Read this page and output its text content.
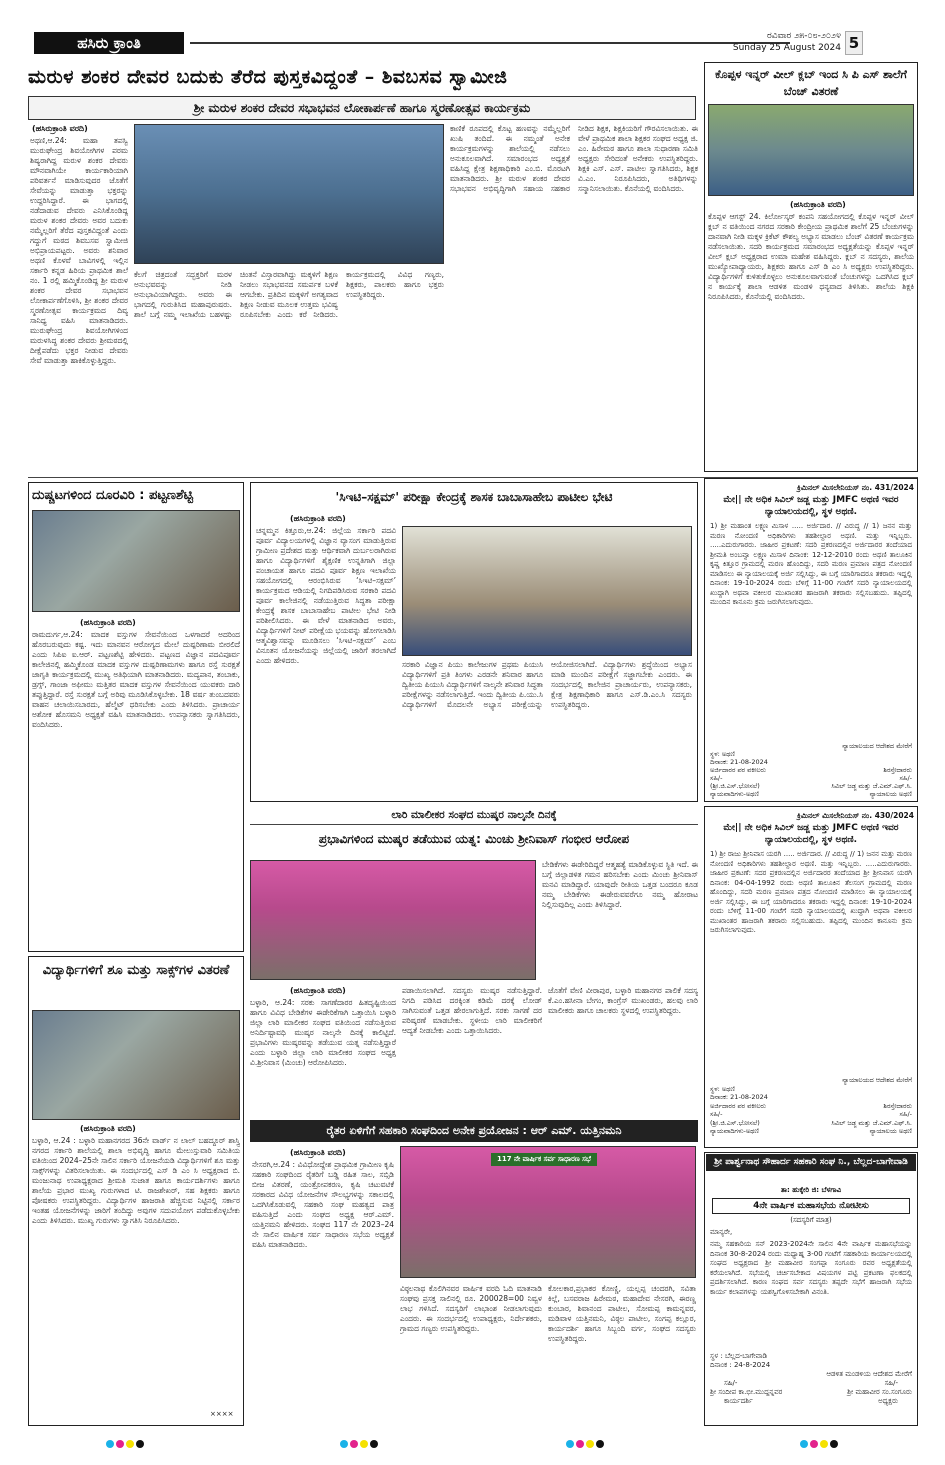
ಹಸಿರು ಕ್ರಾಂತಿ	ರವಿವಾರ ೨೫-೦೮-೨೦೨೪
Sunday 25 August 2024 5
ಮರುಳ ಶಂಕರ ದೇವರ ಬದುಕು ತೆರೆದ ಪುಸ್ತಕವಿದ್ದಂತೆ – ಶಿವಬಸವ ಸ್ವಾಮೀಜಿ
ಶ್ರೀ ಮರುಳ ಶಂಕರ ದೇವರ ಸಭಾಭವನ ಲೋಕಾರ್ಪಣೆ ಹಾಗೂ ಸ್ಮರಣೋತ್ಸವ ಕಾರ್ಯಕ್ರಮ
(ಹಸಿರುಕ್ರಾಂತಿ ವರದಿ)
ಅಥಣಿ,ಆ.24: ಮಹಾ ತಪಸ್ವಿ ಮುರುಘೇಂದ್ರ ಶಿವಯೋಗಿಗಳ ಪರಮ ಶಿಷ್ಯರಾಗಿದ್ದ ಮರುಳ ಶಂಕರ ದೇವರು ಮೌನವಾಗಿಯೇ ಕಾರ್ಯಕಾರಿಯಾಗಿ ಪರಿವರ್ತನೆ ಮಾಡಿಸುವುದರ ಜೊತೆಗೆ ಸೇವೆಯನ್ನು ಮಾಡುತ್ತಾ ಭಕ್ತರನ್ನು ಉದ್ದರಿಸಿದ್ದಾರೆ. ಈ ಭಾಗದಲ್ಲಿ ನಡೆದಾಡುವ ದೇವರು ಎನಿಸಿಕೊಂಡಿದ್ದ ಮರುಳ ಶಂಕರ ದೇವರು ಅವರ ಬದುಕು ನಮ್ಮೆಲ್ಲರಿಗೆ ತೆರೆದ ಪುಸ್ತಕವಿದ್ದಂತೆ ಎಂದು ಗದ್ದುಗೆ ಮಠದ ಶಿವಬಸವ ಸ್ವಾಮೀಜಿ ಅಭಿಪ್ರಾಯಪಟ್ಟರು. ಅವರು ಶನಿವಾರ ಅಥಣಿ ಕೊಳವೆ ಬಾವಿಗಳಲ್ಲಿ ಇಲ್ಲಿನ ಸರ್ಕಾರಿ ಕನ್ನಡ ಹಿರಿಯ ಪ್ರಾಥಮಿಕ ಶಾಲೆ ನಂ. 1 ರಲ್ಲಿ ಹಮ್ಮಿಕೊಂಡಿದ್ದ ಶ್ರೀ ಮರುಳ ಶಂಕರ ದೇವರ ಸಭಾಭವನ ಲೋಕಾರ್ಪಣೆಗೊಳಿಸಿ, ಶ್ರೀ ಶಂಕರ ದೇವರ ಸ್ಮರಣೋತ್ಸವ ಕಾರ್ಯಕ್ರಮದ ದಿವ್ಯ ಸಾನಿಧ್ಯ ವಹಿಸಿ ಮಾತನಾಡಿದರು. ಮುರುಘೇಂದ್ರ ಶಿವಯೋಗಿಗಳಿಂದ ಮರುಳಸಿದ್ಧ ಶಂಕರ ದೇವರು ಶ್ರೀಮಠದಲ್ಲಿ ದೀಕ್ಷೆಪಡೆದು ಭಕ್ತರ ನೀಡುವ ದೇವರು ಸೇವೆ ಮಾಡುತ್ತಾ ಹಾಕಿಕೊಳ್ಳುತ್ತಿದ್ದರು.
ಕೆಲಗೆ ಚಿತ್ರದಂತೆ ಸದ್ಭಕ್ತರಿಗೆ ಮರಳ ಅನುಭವವನ್ನು ನೀಡಿ ಅನುಭಾವಿಯಾಗಿದ್ದರು. ಅವರು ಈ ಭಾಗದಲ್ಲಿ ಗುರುತಿಸಿದ ಮಹಾಪುರುಷರು. ಶಾಲೆ ಬಗ್ಗೆ ನಮ್ಮ ಇಲಾಖೆಯ ಬಹಳಷ್ಟು ಚಿಂತನೆ ವಿಸ್ತಾರವಾಗಿದ್ದು ಮಕ್ಕಳಿಗೆ ಶಿಕ್ಷಣ ನೀಡಲು ಸಭಾಭವನದ ಸಮರ್ಪಕ ಬಳಕೆ ಆಗಬೇಕು. ಪ್ರತಿದಿನ ಮಕ್ಕಳಿಗೆ ಅಗತ್ಯವಾದ ಶಿಕ್ಷಣ ನೀಡುವ ಮೂಲಕ ಉತ್ತಮ ಭವಿಷ್ಯ ರೂಪಿಸಬೇಕು ಎಂದು ಕರೆ ನೀಡಿದರು. ಕಾರ್ಯಕ್ರಮದಲ್ಲಿ ವಿವಿಧ ಗಣ್ಯರು, ಶಿಕ್ಷಕರು, ಪಾಲಕರು ಹಾಗೂ ಭಕ್ತರು ಉಪಸ್ಥಿತರಿದ್ದರು.
ಕಾಣಿಕೆ ರೂಪದಲ್ಲಿ ಕೊಟ್ಟ ಹಣವನ್ನು ನಮ್ಮೆಲ್ಲರಿಗೆ ಖುಷಿ ತಂದಿದೆ. ಈ ನಮ್ಮಂತೆ ಅನೇಕ ಕಾರ್ಯಕ್ರಮಗಳನ್ನು ಶಾಲೆಯಲ್ಲಿ ನಡೆಸಲು ಅನುಕೂಲವಾಗಿದೆ. ಸಮಾರಂಭದ ಅಧ್ಯಕ್ಷತೆ ವಹಿಸಿದ್ದ ಕ್ಷೇತ್ರ ಶಿಕ್ಷಣಾಧಿಕಾರಿ ಎಂ.ಬಿ. ಮೊರಟಗಿ ಮಾತನಾಡಿದರು. ಶ್ರೀ ಮರುಳ ಶಂಕರ ದೇವರ ಸಭಾಭವನ ಅಭಿವೃದ್ಧಿಗಾಗಿ ಸಹಾಯ ಸಹಕಾರ ನೀಡಿದ ಶಿಕ್ಷಕ, ಶಿಕ್ಷಕಿಯರಿಗೆ ಗೌರವಿಸಲಾಯಿತು. ಈ ವೇಳೆ ಪ್ರಾಥಮಿಕ ಶಾಲಾ ಶಿಕ್ಷಕರ ಸಂಘದ ಅಧ್ಯಕ್ಷ ಜಿ. ಎಂ. ಹಿರೇಮಠ ಹಾಗೂ ಶಾಲಾ ಸುಧಾರಣಾ ಸಮಿತಿ ಅಧ್ಯಕ್ಷರು ಸೇರಿದಂತೆ ಅನೇಕರು ಉಪಸ್ಥಿತರಿದ್ದರು. ಶಿಕ್ಷಕಿ ಎಸ್. ಎಸ್. ಪಾಟೀಲ ಸ್ವಾಗತಿಸಿದರು, ಶಿಕ್ಷಕ ವಿ.ಎಂ. ನಿರೂಪಿಸಿದರು, ಅತಿಥಿಗಳನ್ನು ಸನ್ಮಾನಿಸಲಾಯಿತು. ಕೊನೆಯಲ್ಲಿ ವಂದಿಸಿದರು.
ಕೊಪ್ಪಳ ಇನ್ನರ್ ವೀಲ್ ಕ್ಲಬ್ ಇಂದ ಸಿ ಪಿ ಎಸ್ ಶಾಲೆಗೆ ಬೆಂಚ್ ವಿತರಣೆ
(ಹಸಿರುಕ್ರಾಂತಿ ವರದಿ)
ಕೊಪ್ಪಳ ಆಗಸ್ಟ್ 24. ಕಿರ್ಲೋಸ್ಕರ್ ಕಂಪನಿ ಸಹಯೋಗದಲ್ಲಿ ಕೊಪ್ಪಳ ಇನ್ನರ್ ವೀಲ್ ಕ್ಲಬ್ ನ ವತಿಯಿಂದ ನಗರದ ಸರಕಾರಿ ಕೇಂದ್ರೀಯ ಪ್ರಾಥಮಿಕ ಶಾಲೆಗೆ 25 ಬೆಂಚುಗಳನ್ನು ದಾನವಾಗಿ ನೀಡಿ ಮಕ್ಕಳ ಕ್ರಿಕೆಟ್ ಕೌಶಲ್ಯ ಅಭ್ಯಾಸ ಮಾಡಲು ಬೆಂಚ್ ವಿತರಣೆ ಕಾರ್ಯಕ್ರಮ ನಡೆಸಲಾಯಿತು. ಸದರಿ ಕಾರ್ಯಕ್ರಮದ ಸಮಾರಂಭದ ಅಧ್ಯಕ್ಷತೆಯನ್ನು ಕೊಪ್ಪಳ ಇನ್ನರ್ ವೀಲ್ ಕ್ಲಬ್ ಅಧ್ಯಕ್ಷರಾದ ಉಮಾ ಮಹೇಶ ವಹಿಸಿದ್ದರು. ಕ್ಲಬ್ ನ ಸದಸ್ಯರು, ಶಾಲೆಯ ಮುಖ್ಯೋಪಾಧ್ಯಾಯರು, ಶಿಕ್ಷಕರು ಹಾಗೂ ಎಸ್ ಡಿ ಎಂ ಸಿ ಅಧ್ಯಕ್ಷರು ಉಪಸ್ಥಿತರಿದ್ದರು. ವಿದ್ಯಾರ್ಥಿಗಳಿಗೆ ಕುಳಿತುಕೊಳ್ಳಲು ಅನುಕೂಲವಾಗುವಂತೆ ಬೆಂಚುಗಳನ್ನು ಒದಗಿಸಿದ ಕ್ಲಬ್ ನ ಕಾರ್ಯಕ್ಕೆ ಶಾಲಾ ಆಡಳಿತ ಮಂಡಳಿ ಧನ್ಯವಾದ ತಿಳಿಸಿತು. ಶಾಲೆಯ ಶಿಕ್ಷಕಿ ನಿರೂಪಿಸಿದರು, ಕೊನೆಯಲ್ಲಿ ವಂದಿಸಿದರು.
ದುಷ್ಚಟಗಳಿಂದ ದೂರವಿರಿ : ಪಟ್ಟಣಶೆಟ್ಟಿ
(ಹಸಿರುಕ್ರಾಂತಿ ವರದಿ)
ರಾಮದುರ್ಗ,ಆ.24: ಮಾದಕ ವಸ್ತುಗಳ ಸೇವನೆಯಿಂದ ಒಳಗಾದರೆ ಅದರಿಂದ ಹೊರಬರುವುದು ಕಷ್ಟ. ಇದು ಮಾನವನ ಆರೋಗ್ಯದ ಮೇಲೆ ದುಷ್ಪರಿಣಾಮ ಬೀರಲಿದೆ ಎಂದು ಸಿಪಿಐ ಐ.ಆರ್. ಪಟ್ಟಣಶೆಟ್ಟಿ ಹೇಳಿದರು. ಪಟ್ಟಣದ ವಿಜ್ಞಾನ ಪದವಿಪೂರ್ವ ಕಾಲೇಜಿನಲ್ಲಿ ಹಮ್ಮಿಕೊಂಡ ಮಾದಕ ವಸ್ತುಗಳ ದುಷ್ಪರಿಣಾಮಗಳು ಹಾಗೂ ರಸ್ತೆ ಸುರಕ್ಷತೆ ಜಾಗೃತಿ ಕಾರ್ಯಕ್ರಮದಲ್ಲಿ ಮುಖ್ಯ ಅತಿಥಿಯಾಗಿ ಮಾತನಾಡಿದರು. ಮದ್ಯಪಾನ, ತಂಬಾಕು, ಡ್ರಗ್ಸ್, ಗಾಂಜಾ ಅಫೀಮು ಮತ್ತಿತರ ಮಾದಕ ವಸ್ತುಗಳ ಸೇವನೆಯಿಂದ ಯುವಕರು ದಾರಿ ತಪ್ಪುತ್ತಿದ್ದಾರೆ. ರಸ್ತೆ ಸುರಕ್ಷತೆ ಬಗ್ಗೆ ಅರಿವು ಮೂಡಿಸಿಕೊಳ್ಳಬೇಕು. 18 ವರ್ಷ ತುಂಬದವರು ವಾಹನ ಚಲಾಯಿಸಬಾರದು, ಹೆಲ್ಮೆಟ್ ಧರಿಸಬೇಕು ಎಂದು ತಿಳಿಸಿದರು. ಪ್ರಾಚಾರ್ಯ ಅಶೋಕ ಹೊಸಮನಿ ಅಧ್ಯಕ್ಷತೆ ವಹಿಸಿ ಮಾತನಾಡಿದರು. ಉಪನ್ಯಾಸಕರು ಸ್ವಾಗತಿಸಿದರು, ವಂದಿಸಿದರು.
'ಸಿಇಟಿ–ಸಕ್ಷಮ್' ಪರೀಕ್ಷಾ ಕೇಂದ್ರಕ್ಕೆ ಶಾಸಕ ಬಾಬಾಸಾಹೇಬ ಪಾಟೀಲ ಭೇಟಿ
(ಹಸಿರುಕ್ರಾಂತಿ ವರದಿ)
ಚನ್ನಮ್ಮನ ಕಿತ್ತೂರು,ಆ.24: ಜಿಲ್ಲೆಯ ಸರ್ಕಾರಿ ಪದವಿ ಪೂರ್ವ ವಿದ್ಯಾಲಯಗಳಲ್ಲಿ ವಿಜ್ಞಾನ ವ್ಯಾಸಂಗ ಮಾಡುತ್ತಿರುವ ಗ್ರಾಮೀಣ ಪ್ರದೇಶದ ಮತ್ತು ಆರ್ಥಿಕವಾಗಿ ದುರ್ಬಲರಾಗಿರುವ ಹಾಗೂ ವಿದ್ಯಾರ್ಥಿಗಳಿಗೆ ಶೈಕ್ಷಣಿಕ ಉನ್ನತಿಗಾಗಿ ಜಿಲ್ಲಾ ಪಂಚಾಯತ ಹಾಗೂ ಪದವಿ ಪೂರ್ವ ಶಿಕ್ಷಣ ಇಲಾಖೆಯ ಸಹಯೋಗದಲ್ಲಿ ಆರಂಭಿಸಿರುವ ‘ಸಿಇಟಿ–ಸಕ್ಷಮ್’ ಕಾರ್ಯಕ್ರಮದ ಆಡಿಯಲ್ಲಿ ನಿಗದಿಪಡಿಸಿರುವ ಸರಕಾರಿ ಪದವಿ ಪೂರ್ವ ಕಾಲೇಜಿನಲ್ಲಿ ನಡೆಯುತ್ತಿರುವ ಸಿದ್ಧತಾ ಪರೀಕ್ಷಾ ಕೇಂದ್ರಕ್ಕೆ ಶಾಸಕ ಬಾಬಾಸಾಹೇಬ ಪಾಟೀಲ ಭೇಟಿ ನೀಡಿ ಪರಿಶೀಲಿಸಿದರು. ಈ ವೇಳೆ ಮಾತನಾಡಿದ ಅವರು, ವಿದ್ಯಾರ್ಥಿಗಳಿಗೆ ನೀಟ್ ಪರೀಕ್ಷೆಯ ಭಯವನ್ನು ಹೋಗಲಾಡಿಸಿ ಆತ್ಮವಿಶ್ವಾಸವನ್ನು ಮೂಡಿಸಲು ‘ಸಿಇಟಿ–ಸಕ್ಷಮ್’ ಎಂಬ ವಿನೂತನ ಯೋಜನೆಯನ್ನು ಜಿಲ್ಲೆಯಲ್ಲಿ ಜಾರಿಗೆ ತರಲಾಗಿದೆ ಎಂದು ಹೇಳಿದರು.	ಸರಕಾರಿ ವಿಜ್ಞಾನ ಪಿಯು ಕಾಲೇಜುಗಳ ಪ್ರಥಮ ಪಿಯುಸಿ ವಿದ್ಯಾರ್ಥಿಗಳಿಗೆ ಪ್ರತಿ ತಿಂಗಳು ಎರಡನೇ ಶನಿವಾರ ಹಾಗೂ ದ್ವಿತೀಯ ಪಿಯುಸಿ ವಿದ್ಯಾರ್ಥಿಗಳಿಗೆ ನಾಲ್ಕನೇ ಶನಿವಾರ ಸಿದ್ಧತಾ ಪರೀಕ್ಷೆಗಳನ್ನು ನಡೆಸಲಾಗುತ್ತಿದೆ. ಇಂದು ದ್ವಿತೀಯ ಪಿ.ಯು.ಸಿ ವಿದ್ಯಾರ್ಥಿಗಳಿಗೆ ಮೊದಲನೇ ಅಭ್ಯಾಸ ಪರೀಕ್ಷೆಯನ್ನು ಆಯೋಜಿಸಲಾಗಿದೆ. ವಿದ್ಯಾರ್ಥಿಗಳು ಶ್ರದ್ಧೆಯಿಂದ ಅಭ್ಯಾಸ ಮಾಡಿ ಮುಂದಿನ ಪರೀಕ್ಷೆಗೆ ಸಜ್ಜಾಗಬೇಕು ಎಂದರು. ಈ ಸಂದರ್ಭದಲ್ಲಿ ಕಾಲೇಜಿನ ಪ್ರಾಚಾರ್ಯರು, ಉಪನ್ಯಾಸಕರು, ಕ್ಷೇತ್ರ ಶಿಕ್ಷಣಾಧಿಕಾರಿ ಹಾಗೂ ಎಸ್.ಡಿ.ಎಂ.ಸಿ ಸದಸ್ಯರು ಉಪಸ್ಥಿತರಿದ್ದರು.
ಲಾರಿ ಮಾಲೀಕರ ಸಂಘದ ಮುಷ್ಕರ ನಾಲ್ಕನೇ ದಿನಕ್ಕೆ
ಪ್ರಭಾವಿಗಳಿಂದ ಮುಷ್ಕರ ತಡೆಯುವ ಯತ್ನ: ಮಿಂಚು ಶ್ರೀನಿವಾಸ್ ಗಂಭೀರ ಆರೋಪ
ಬೇಡಿಕೆಗಳು ಈಡೇರಿದಿದ್ದರೆ ಆತ್ಮಹತ್ಯೆ ಮಾಡಿಕೊಳ್ಳುವ ಸ್ಥಿತಿ ಇದೆ. ಈ ಬಗ್ಗೆ ಜಿಲ್ಲಾಡಳಿತ ಗಮನ ಹರಿಸಬೇಕು ಎಂದು ಮಿಂಚು ಶ್ರೀನಿವಾಸ್ ಮನವಿ ಮಾಡಿದ್ದಾರೆ. ಯಾವುದೇ ರೀತಿಯ ಒತ್ತಡ ಬಂದರೂ ಕೂಡ ನಮ್ಮ ಬೇಡಿಕೆಗಳು ಈಡೇರುವವರೆಗೂ ನಮ್ಮ ಹೋರಾಟ ನಿಲ್ಲಿಸುವುದಿಲ್ಲ ಎಂದು ತಿಳಿಸಿದ್ದಾರೆ.
(ಹಸಿರುಕ್ರಾಂತಿ ವರದಿ)
ಬಳ್ಳಾರಿ, ಆ.24: ಸರಕು ಸಾಗಣೆದಾರರ ಹಿತದೃಷ್ಟಿಯಿಂದ ಹಾಗೂ ವಿವಿಧ ಬೇಡಿಕೆಗಳ ಈಡೇರಿಕೆಗಾಗಿ ಒತ್ತಾಯಿಸಿ ಬಳ್ಳಾರಿ ಜಿಲ್ಲಾ ಲಾರಿ ಮಾಲೀಕರ ಸಂಘದ ವತಿಯಿಂದ ನಡೆಸುತ್ತಿರುವ ಅನಿರ್ದಿಷ್ಟಾವಧಿ ಮುಷ್ಕರ ನಾಲ್ಕನೇ ದಿನಕ್ಕೆ ಕಾಲಿಟ್ಟಿದೆ. ಪ್ರಭಾವಿಗಳು ಮುಷ್ಕರವನ್ನು ತಡೆಯುವ ಯತ್ನ ನಡೆಸುತ್ತಿದ್ದಾರೆ ಎಂದು ಬಳ್ಳಾರಿ ಜಿಲ್ಲಾ ಲಾರಿ ಮಾಲೀಕರ ಸಂಘದ ಅಧ್ಯಕ್ಷ ವಿ.ಶ್ರೀನಿವಾಸ (ಮಿಂಚು) ಆರೋಪಿಸಿದರು.
ಪಡಾಯಿಸಲಾಗಿದೆ. ಸದಸ್ಯರು ಮುಷ್ಕರ ನಡೆಸುತ್ತಿದ್ದಾರೆ. ನಿಗದಿ ಪಡಿಸಿದ ದರಕ್ಕಿಂತ ಕಡಿಮೆ ದರಕ್ಕೆ ಲೋಡ್ ಸಾಗಿಸುವಂತೆ ಒತ್ತಡ ಹೇರಲಾಗುತ್ತಿದೆ. ಸರಕು ಸಾಗಣೆ ದರ ಪರಿಷ್ಕರಣೆ ಮಾಡಬೇಕು. ಸ್ಥಳೀಯ ಲಾರಿ ಮಾಲೀಕರಿಗೆ ಆದ್ಯತೆ ನೀಡಬೇಕು ಎಂದು ಒತ್ತಾಯಿಸಿದರು.
ಜೊತೆಗೆ ವೇಣಿ ವೀರಾಪುರ, ಬಳ್ಳಾರಿ ಮಹಾನಗರ ಪಾಲಿಕೆ ಸದಸ್ಯ ಕೆ.ಎಂ.ಹಸೀನಾ ಬೇಗಂ, ಕಾಂಗ್ರೆಸ್ ಮುಖಂಡರು, ಹಲವು ಲಾರಿ ಮಾಲೀಕರು ಹಾಗೂ ಚಾಲಕರು ಸ್ಥಳದಲ್ಲಿ ಉಪಸ್ಥಿತರಿದ್ದರು.
ವಿದ್ಯಾರ್ಥಿಗಳಿಗೆ ಶೂ ಮತ್ತು ಸಾಕ್ಸ್‌ಗಳ ವಿತರಣೆ
(ಹಸಿರುಕ್ರಾಂತಿ ವರದಿ)
ಬಳ್ಳಾರಿ, ಆ.24 : ಬಳ್ಳಾರಿ ಮಹಾನಗರದ 36ನೇ ವಾರ್ಡ್ ನ ಲಾಲ್ ಬಹದ್ದೂರ್ ಶಾಸ್ತ್ರಿ ನಗರದ ಸರ್ಕಾರಿ ಶಾಲೆಯಲ್ಲಿ ಶಾಲಾ ಅಭಿವೃದ್ಧಿ ಹಾಗೂ ಮೇಲುಸ್ತುವಾರಿ ಸಮಿತಿಯ ವತಿಯಿಂದ 2024–25ನೇ ಸಾಲಿನ ಸರ್ಕಾರಿ ಯೋಜನೆಯಡಿ ವಿದ್ಯಾರ್ಥಿಗಳಿಗೆ ಶೂ ಮತ್ತು ಸಾಕ್ಸ್‌ಗಳನ್ನು ವಿತರಿಸಲಾಯಿತು. ಈ ಸಂದರ್ಭದಲ್ಲಿ ಎಸ್ ಡಿ ಎಂ ಸಿ ಅಧ್ಯಕ್ಷರಾದ ಬಿ. ಮಂಜುನಾಥ ಉಪಾಧ್ಯಕ್ಷರಾದ ಶ್ರೀಮತಿ ಸುಜಾತ ಹಾಗೂ ಕಾರ್ಯದರ್ಶಿಗಳು ಹಾಗೂ ಶಾಲೆಯ ಪ್ರಭಾರ ಮುಖ್ಯ ಗುರುಗಳಾದ ಟಿ. ರಾಜಶೇಖರ್, ಸಹ ಶಿಕ್ಷಕರು ಹಾಗೂ ಪೋಷಕರು ಉಪಸ್ಥಿತರಿದ್ದರು. ವಿದ್ಯಾರ್ಥಿಗಳ ಹಾಜರಾತಿ ಹೆಚ್ಚಿಸುವ ನಿಟ್ಟಿನಲ್ಲಿ ಸರ್ಕಾರ ಇಂತಹ ಯೋಜನೆಗಳನ್ನು ಜಾರಿಗೆ ತಂದಿದ್ದು ಅವುಗಳ ಸದುಪಯೋಗ ಪಡೆದುಕೊಳ್ಳಬೇಕು ಎಂದು ತಿಳಿಸಿದರು. ಮುಖ್ಯ ಗುರುಗಳು ಸ್ವಾಗತಿಸಿ ನಿರೂಪಿಸಿದರು.
××××
ರೈತರ ಏಳಿಗೆಗೆ ಸಹಕಾರಿ ಸಂಘದಿಂದ ಅನೇಕ ಪ್ರಯೋಜನ : ಆರ್ ಎಮ್. ಯತ್ತಿನಮನಿ
(ಹಸಿರುಕ್ರಾಂತಿ ವರದಿ)
ನೇಸರಗಿ,ಆ.24 : ವಿವಿಧೋದ್ದೇಶ ಪ್ರಾಥಮಿಕ ಗ್ರಾಮೀಣ ಕೃಷಿ ಸಹಕಾರಿ ಸಂಘದಿಂದ ರೈತರಿಗೆ ಬಡ್ಡಿ ರಹಿತ ಸಾಲ, ಸಬ್ಸಿಡಿ ಬೀಜ ವಿತರಣೆ, ಯಂತ್ರೋಪಕರಣ, ಕೃಷಿ ಚಟುವಟಿಕೆ ಸರಕಾರದ ವಿವಿಧ ಯೋಜನೆಗಳ ಸೌಲಭ್ಯಗಳನ್ನು ಸಕಾಲದಲ್ಲಿ ಒದಗಿಸಿಕೊಡುವಲ್ಲಿ ಸಹಕಾರಿ ಸಂಘ ಮಹತ್ವದ ಪಾತ್ರ ವಹಿಸುತ್ತಿದೆ ಎಂದು ಸಂಘದ ಅಧ್ಯಕ್ಷ ಆರ್.ಎಮ್. ಯತ್ತಿನಮನಿ ಹೇಳಿದರು. ಸಂಘದ 117 ನೇ 2023–24 ನೇ ಸಾಲಿನ ವಾರ್ಷಿಕ ಸರ್ವ ಸಾಧಾರಣ ಸಭೆಯ ಅಧ್ಯಕ್ಷತೆ ವಹಿಸಿ ಮಾತನಾಡಿದರು.
117 ನೇ ವಾರ್ಷಿಕ ಸರ್ವ ಸಾಧಾರಣ ಸಭೆ
ವಿಠ್ಠಲನಾಥ ಕೊಲಿಗಿನವರ ವಾರ್ಷಿಕ ವರದಿ ಓದಿ ಮಾತನಾಡಿ ಸಂಘವು ಪ್ರಸಕ್ತ ಸಾಲಿನಲ್ಲಿ ರೂ. 200028=00 ನಿವ್ವಳ ಲಾಭ ಗಳಿಸಿದೆ. ಸದಸ್ಯರಿಗೆ ಲಾಭಾಂಶ ನೀಡಲಾಗುವುದು ಎಂದರು. ಈ ಸಂದರ್ಭದಲ್ಲಿ ಉಪಾಧ್ಯಕ್ಷರು, ನಿರ್ದೇಶಕರು, ಗ್ರಾಮದ ಗಣ್ಯರು ಉಪಸ್ಥಿತರಿದ್ದರು.
ಕೋಲಕಾರ,ಪ್ರಭಾಕರ ಕೋಣ್ಣಿ, ಯಲ್ಲಪ್ಪ ಚಂದರಗಿ, ಸವಿತಾ ಕಿಲ್ಲೆ, ಬಸವರಾಜ ಹಿರೇಮಠ, ಮಹಾದೇವ ನೇಸರಗಿ, ಈರಣ್ಣ ಕುಂಬಾರ, ಶಿವಾನಂದ ಪಾಟೀಲ, ಸೋಮಪ್ಪ ಕಾಮನ್ನವರ, ಮಡಿವಾಳ ಯತ್ತಿನಮನಿ, ವಿಠ್ಠಲ ಪಾಟೀಲ, ಸಂಗಪ್ಪ ಕಲ್ಲೂರ, ಕಾರ್ಯದರ್ಶಿ ಹಾಗೂ ಸಿಬ್ಬಂದಿ ವರ್ಗ, ಸಂಘದ ಸದಸ್ಯರು ಉಪಸ್ಥಿತರಿದ್ದರು.
ಕ್ರಿಮಿನಲ್ ಮಿಸಲೇನಿಯಸ್ ನಂ. 431/2024
ಮೇ|| ನೇ ಅಧಿಕ ಸಿವಿಲ್ ಜಡ್ಜ ಮತ್ತು JMFC ಅಥಣಿ ಇವರ ನ್ಯಾಯಾಲಯದಲ್ಲಿ, ಸ್ಥಳ ಅಥಣಿ.
1) ಶ್ರೀ ಮಹಾಂತ ಲಕ್ಷ್ಮಣ ಮಿಸಾಳ ..... ಅರ್ಜಿದಾರ. // ವಿರುದ್ಧ // 1) ಜನನ ಮತ್ತು ಮರಣ ನೋಂದಣಿ ಅಧಿಕಾರಿಗಳು ತಹಶೀಲ್ದಾರ ಅಥಣಿ. ಮತ್ತು ಇನ್ನಿಬ್ಬರು. .....ಎದುರುಗಾರರು. ಜಾಹೀರ ಪ್ರಕಟಣೆ: ಸದರಿ ಪ್ರಕರಣದಲ್ಲಿನ ಅರ್ಜಿದಾರರ ತಂದೆಯಾದ ಶ್ರೀಮತಿ ಅಂಬವ್ವಾ ಲಕ್ಷ್ಮಣ ಮಿಸಾಳ ದಿನಾಂಕ: 12-12-2010 ರಂದು ಅಥಣಿ ತಾಲೂಕಿನ ಕೃಷ್ಣ ಕಿತ್ತೂರ ಗ್ರಾಮದಲ್ಲಿ ಮರಣ ಹೊಂದಿದ್ದು, ಸದರಿ ಮರಣ ಪ್ರಮಾಣ ಪತ್ರದ ನೋಂದಣಿ ಮಾಡಿಸಲು ಈ ನ್ಯಾಯಾಲಯಕ್ಕೆ ಅರ್ಜಿ ಸಲ್ಲಿಸಿದ್ದು, ಈ ಬಗ್ಗೆ ಯಾರಿಗಾದರೂ ತಕರಾರು ಇದ್ದಲ್ಲಿ ದಿನಾಂಕ: 19-10-2024 ರಂದು ಬೆಳಿಗ್ಗೆ 11-00 ಗಂಟೆಗೆ ಸದರಿ ನ್ಯಾಯಾಲಯದಲ್ಲಿ ಖುದ್ದಾಗಿ ಅಥವಾ ವಕೀಲರ ಮುಖಾಂತರ ಹಾಜರಾಗಿ ತಕರಾರು ಸಲ್ಲಿಸಬಹುದು. ತಪ್ಪಿದಲ್ಲಿ ಮುಂದಿನ ಕಾನೂನು ಕ್ರಮ ಜರುಗಿಸಲಾಗುವುದು.
ನ್ಯಾಯಾಲಯದ ಆದೇಶದ ಮೇರೆಗೆ
ಸ್ಥಳ: ಅಥಣಿ
ದಿನಾಂಕ: 21-08-2024
ಅರ್ಜಿದಾರರ ಪರ ವಕೀಲರು	ಶಿರಸ್ತೇದಾರರು
ಸಹಿ/-	ಸಹಿ/-
(ಶ್ರೀ.ಜಿ.ಎಸ್.ಭೋಸಲೆ)	ಸಿವಿಲ್ ಜಡ್ಜ ಮತ್ತು ಜೆ.ಎಮ್.ಎಫ್.ಸಿ.
ನ್ಯಾಯವಾದಿಗಳು-ಅಥಣಿ	ನ್ಯಾಯಾಲಯ ಅಥಣಿ
ಕ್ರಿಮಿನಲ್ ಮಿಸಲೇನಿಯಸ್ ನಂ. 430/2024
ಮೇ|| ನೇ ಅಧಿಕ ಸಿವಿಲ್ ಜಡ್ಜ ಮತ್ತು JMFC ಅಥಣಿ ಇವರ ನ್ಯಾಯಾಲಯದಲ್ಲಿ, ಸ್ಥಳ ಅಥಣಿ.
1) ಶ್ರೀ ರಾಜು ಶ್ರೀನಿವಾಸ ಯರಗಿ ..... ಅರ್ಜಿದಾರ. // ವಿರುದ್ಧ // 1) ಜನನ ಮತ್ತು ಮರಣ ನೋಂದಣಿ ಅಧಿಕಾರಿಗಳು ತಹಶೀಲ್ದಾರ ಅಥಣಿ. ಮತ್ತು ಇನ್ನಿಬ್ಬರು. .....ಎದುರುಗಾರರು. ಜಾಹೀರ ಪ್ರಕಟಣೆ: ಸದರ ಪ್ರಕರಣದಲ್ಲಿನ ಅರ್ಜಿದಾರರ ತಂದೆಯಾದ ಶ್ರೀ ಶ್ರೀನಿವಾಸ ಯರಗಿ ದಿನಾಂಕ: 04-04-1992 ರಂದು ಅಥಣಿ ತಾಲೂಕಿನ ತೆಲಸಂಗ ಗ್ರಾಮದಲ್ಲಿ ಮರಣ ಹೊಂದಿದ್ದು, ಸದರಿ ಮರಣ ಪ್ರಮಾಣ ಪತ್ರದ ನೋಂದಣಿ ಮಾಡಿಸಲು ಈ ನ್ಯಾಯಾಲಯಕ್ಕೆ ಅರ್ಜಿ ಸಲ್ಲಿಸಿದ್ದು, ಈ ಬಗ್ಗೆ ಯಾರಿಗಾದರೂ ತಕರಾರು ಇದ್ದಲ್ಲಿ ದಿನಾಂಕ: 19-10-2024 ರಂದು ಬೆಳಿಗ್ಗೆ 11-00 ಗಂಟೆಗೆ ಸದರಿ ನ್ಯಾಯಾಲಯದಲ್ಲಿ ಖುದ್ದಾಗಿ ಅಥವಾ ವಕೀಲರ ಮುಖಾಂತರ ಹಾಜರಾಗಿ ತಕರಾರು ಸಲ್ಲಿಸಬಹುದು. ತಪ್ಪಿದಲ್ಲಿ ಮುಂದಿನ ಕಾನೂನು ಕ್ರಮ ಜರುಗಿಸಲಾಗುವುದು.
ನ್ಯಾಯಾಲಯದ ಆದೇಶದ ಮೇರೆಗೆ
ಸ್ಥಳ: ಅಥಣಿ
ದಿನಾಂಕ: 21-08-2024
ಅರ್ಜಿದಾರರ ಪರ ವಕೀಲರು	ಶಿರಸ್ತೇದಾರರು
ಸಹಿ/-	ಸಹಿ/-
(ಶ್ರೀ.ಜಿ.ಎಸ್.ಭೋಸಲೆ)	ಸಿವಿಲ್ ಜಡ್ಜ ಮತ್ತು ಜೆ.ಎಮ್.ಎಫ್.ಸಿ.
ನ್ಯಾಯವಾದಿಗಳು-ಅಥಣಿ	ನ್ಯಾಯಾಲಯ ಅಥಣಿ
ಶ್ರೀ ಪಾರ್ಶ್ವನಾಥ ಸೌಹಾರ್ದ ಸಹಕಾರಿ ಸಂಘ ನಿ., ಬೆಲ್ಲದ-ಬಾಗೇವಾಡಿ
ತಾ: ಹುಕ್ಕೇರಿ ಜಿ: ಬೆಳಗಾವಿ
4ನೇ ವಾರ್ಷಿಕ ಮಹಾಸಭೆಯ ನೋಟೀಸು
(ಸದಸ್ಯರಿಗೆ ಮಾತ್ರ)
ಮಾನ್ಯರೇ,
ನಮ್ಮ ಸಹಕಾರಿಯ ಸನ್ 2023-2024ನೇ ಸಾಲಿನ 4ನೇ ವಾರ್ಷಿಕ ಮಹಾಸಭೆಯನ್ನು ದಿನಾಂಕ 30-8-2024 ರಂದು ಮಧ್ಯಾಹ್ನ 3-00 ಗಂಟೆಗೆ ಸಹಕಾರಿಯ ಕಾರ್ಯಾಲಯದಲ್ಲಿ ಸಂಘದ ಅಧ್ಯಕ್ಷರಾದ ಶ್ರೀ ಮಹಾವೀರ ಸಂಗಪ್ಪಾ ಸಂಗೂರು ರವರ ಅಧ್ಯಕ್ಷತೆಯಲ್ಲಿ ಕರೆಯಲಾಗಿದೆ. ಸಭೆಯಲ್ಲಿ ಚರ್ಚಿಸಬೇಕಾದ ವಿಷಯಗಳ ಪಟ್ಟಿ ಪ್ರಕಟಣಾ ಫಲಕದಲ್ಲಿ ಪ್ರದರ್ಶಿಸಲಾಗಿದೆ. ಕಾರಣ ಸಂಘದ ಸರ್ವ ಸದಸ್ಯರು ತಪ್ಪದೇ ಸಭೆಗೆ ಹಾಜರಾಗಿ ಸಭೆಯ ಕಾರ್ಯ ಕಲಾಪಗಳನ್ನು ಯಶಸ್ವಿಗೊಳಿಸಬೇಕಾಗಿ ವಿನಂತಿ.
ಸ್ಥಳ : ಬೆಲ್ಲದ-ಬಾಗೇವಾಡಿ
ದಿನಾಂಕ : 24-8-2024
ಆಡಳಿತ ಮಂಡಳಿಯ ಆದೇಶದ ಮೇರೆಗೆ
ಸಹಿ/-	ಸಹಿ/-
ಶ್ರೀ ಸಂದೀಪ ಕಾ.ಭೀ.ಮುದ್ದನ್ನವರ	ಶ್ರೀ ಮಹಾವೀರ ಸಂ.ಸಂಗೂರು
ಕಾರ್ಯದರ್ಶಿ	ಅಧ್ಯಕ್ಷರು
